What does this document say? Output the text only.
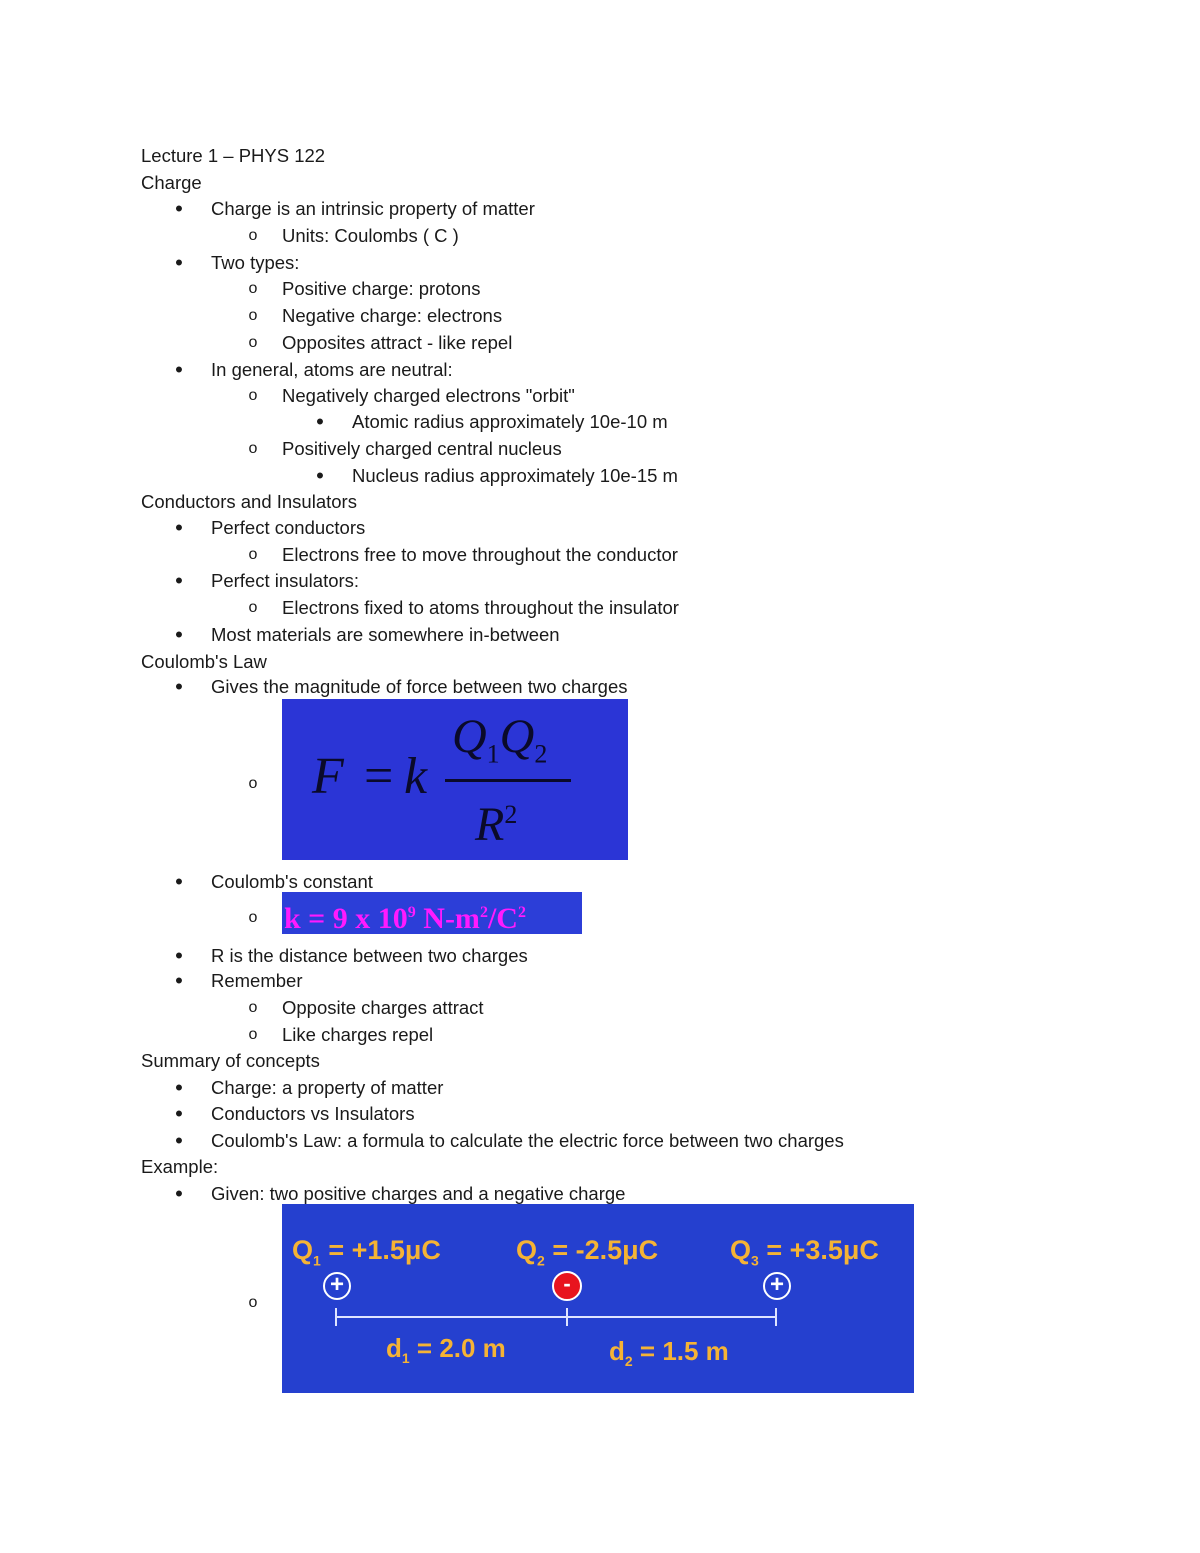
Lecture 1 – PHYS 122
Charge
• Charge is an intrinsic property of matter
o Units: Coulombs ( C )
• Two types:
o Positive charge: protons
o Negative charge: electrons
o Opposites attract - like repel
• In general, atoms are neutral:
o Negatively charged electrons "orbit"
• Atomic radius approximately 10e-10 m
o Positively charged central nucleus
• Nucleus radius approximately 10e-15 m
Conductors and Insulators
• Perfect conductors
o Electrons free to move throughout the conductor
• Perfect insulators:
o Electrons fixed to atoms throughout the insulator
• Most materials are somewhere in-between
Coulomb's Law
• Gives the magnitude of force between two charges
o F = k
$Q_1Q_2$
$R^2$
• Coulomb's constant
o k = 9 x $10^9$ $N-m^2/C^2$
• R is the distance between two charges
• Remember
o Opposite charges attract
o Like charges repel
Summary of concepts
• Charge: a property of matter
• Conductors vs Insulators
• Coulomb's Law: a formula to calculate the electric force between two charges
Example:
• Given: two positive charges and a negative charge
o
$Q_1 = +1.5\mu C$	$Q_2 = -2.5\mu C$	$Q_3 = +3.5\mu C$
+	-	+
$d_1 = 2.0$ m	$d_2 = 1.5$ m
